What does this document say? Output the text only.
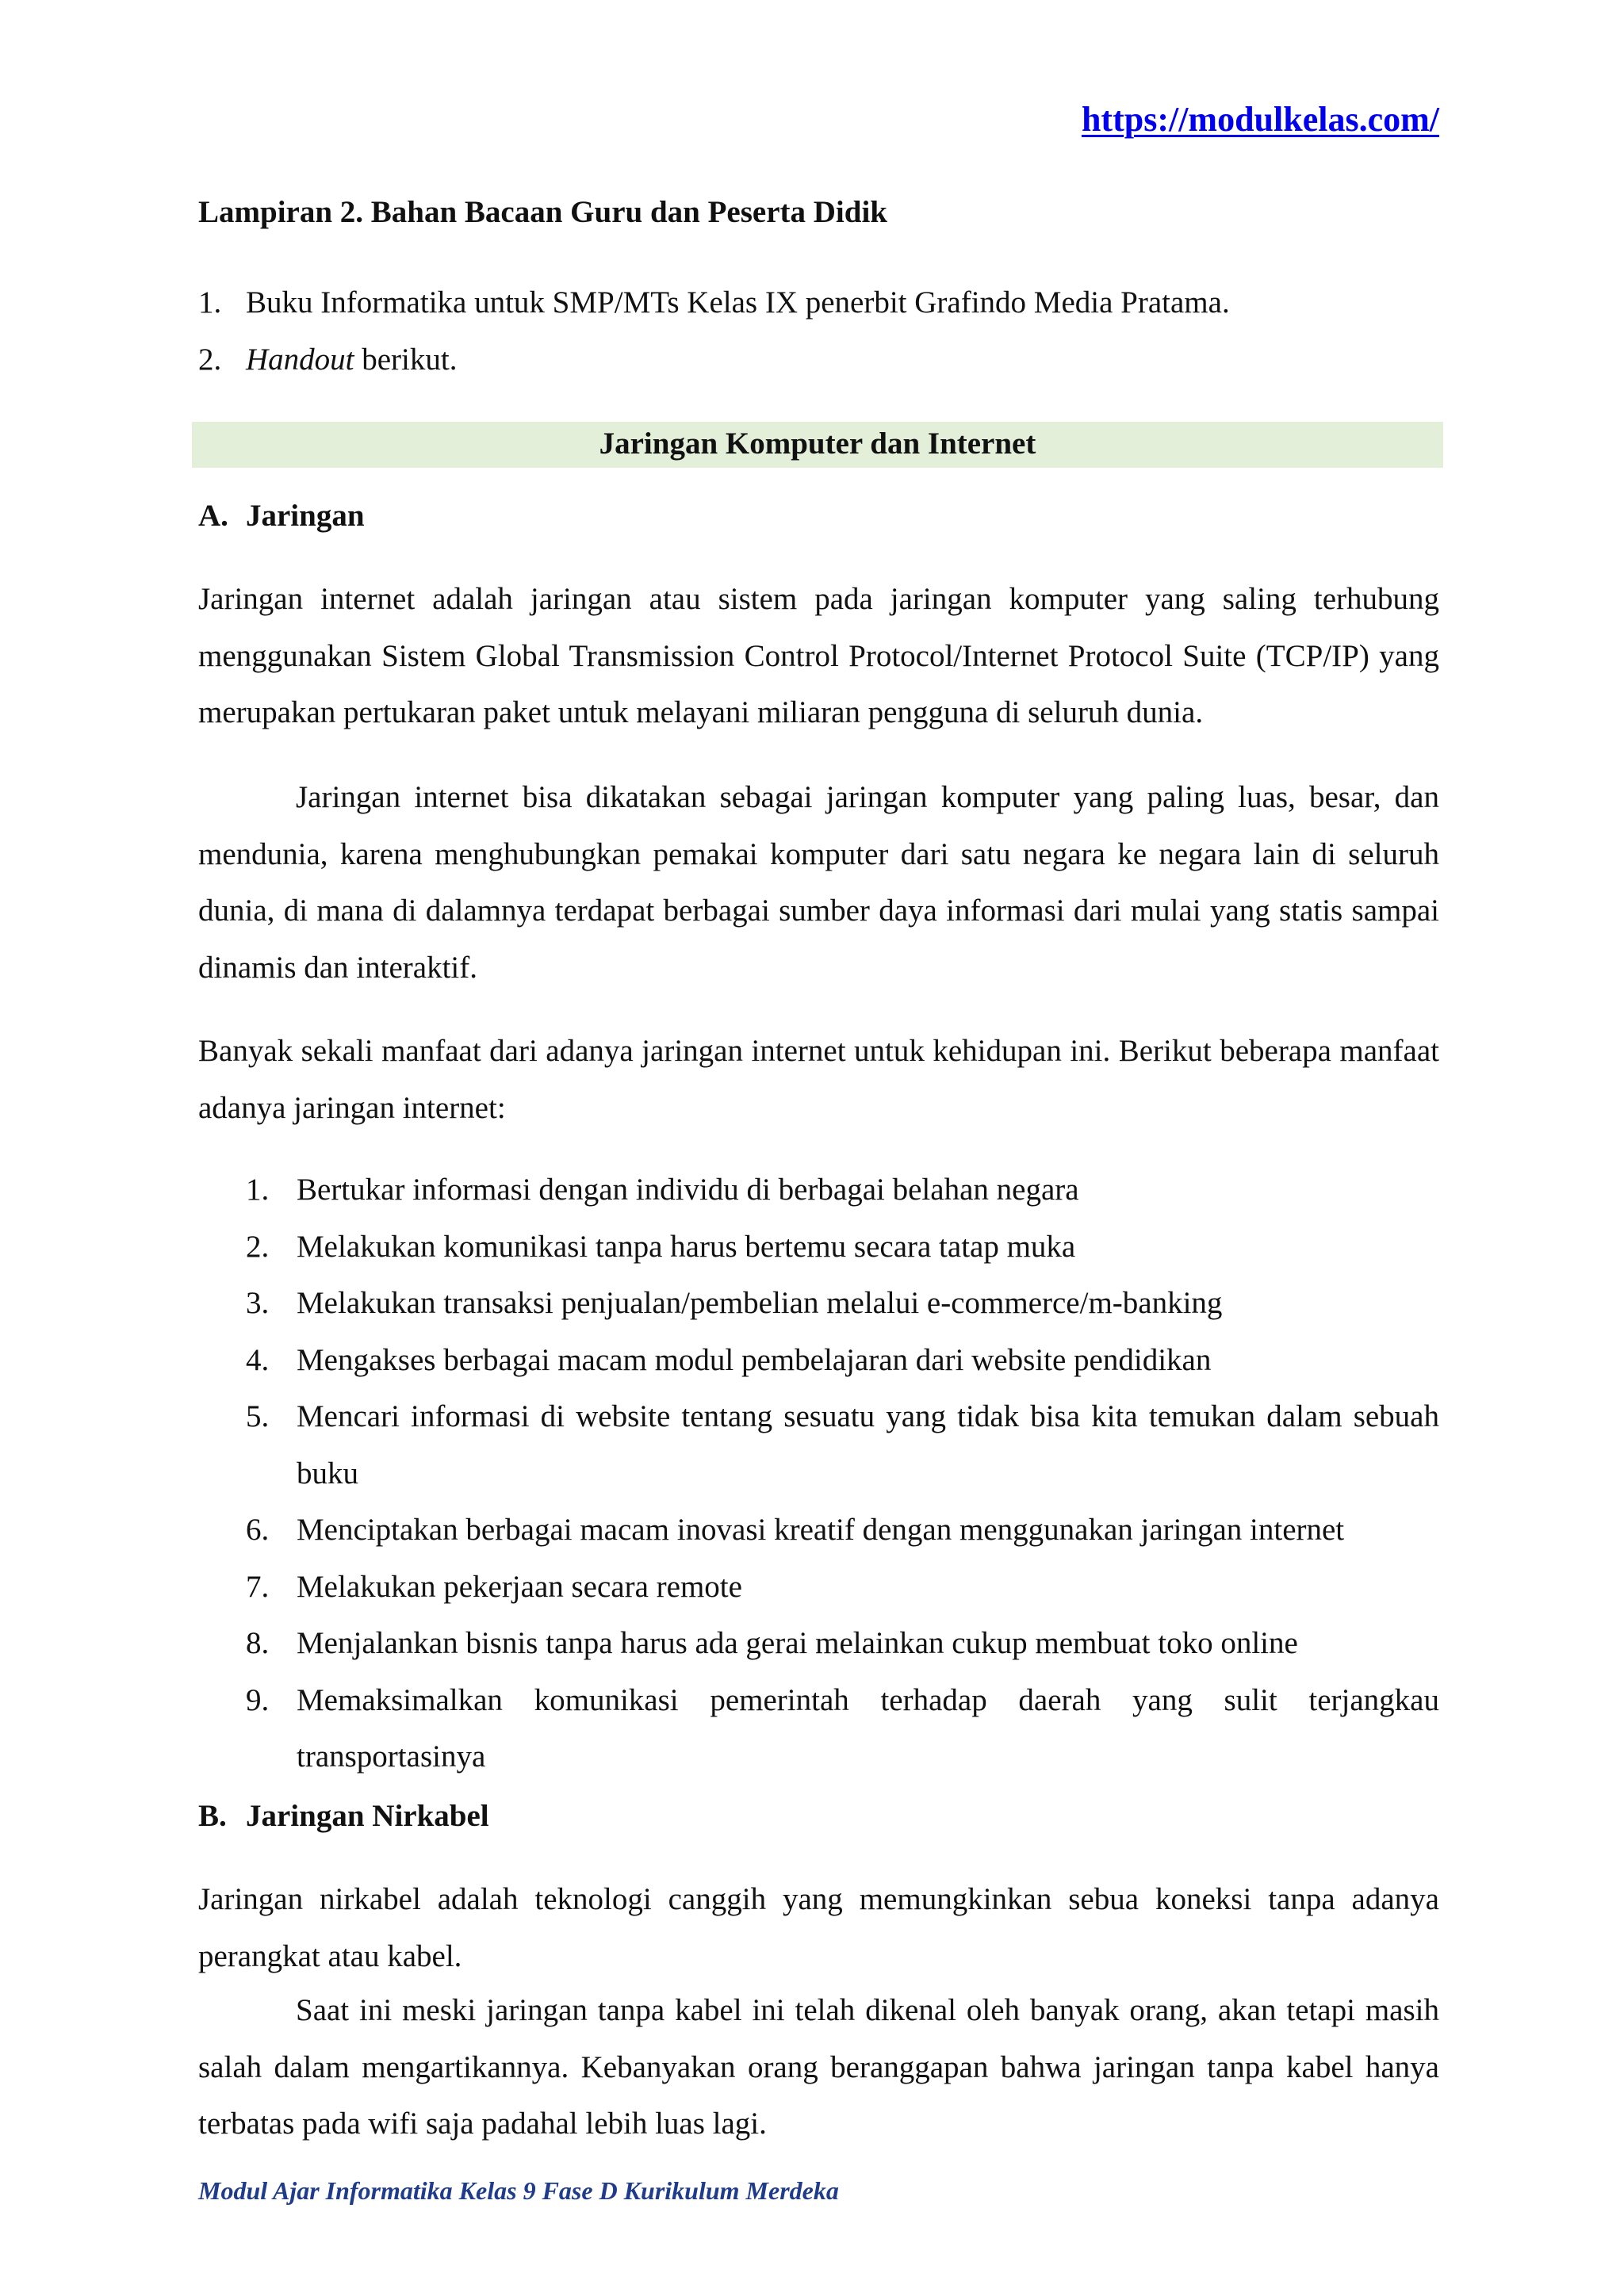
https://modulkelas.com/
Lampiran 2. Bahan Bacaan Guru dan Peserta Didik
1. Buku Informatika untuk SMP/MTs Kelas IX penerbit Grafindo Media Pratama.
2. Handout berikut.
Jaringan Komputer dan Internet
A. Jaringan

Jaringan internet adalah jaringan atau sistem pada jaringan komputer yang saling terhubung menggunakan Sistem Global Transmission Control Protocol/Internet Protocol Suite (TCP/IP) yang merupakan pertukaran paket untuk melayani miliaran pengguna di seluruh dunia.

Jaringan internet bisa dikatakan sebagai jaringan komputer yang paling luas, besar, dan mendunia, karena menghubungkan pemakai komputer dari satu negara ke negara lain di seluruh dunia, di mana di dalamnya terdapat berbagai sumber daya informasi dari mulai yang statis sampai dinamis dan interaktif.

Banyak sekali manfaat dari adanya jaringan internet untuk kehidupan ini. Berikut beberapa manfaat adanya jaringan internet:

1. Bertukar informasi dengan individu di berbagai belahan negara
2. Melakukan komunikasi tanpa harus bertemu secara tatap muka
3. Melakukan transaksi penjualan/pembelian melalui e-commerce/m-banking
4. Mengakses berbagai macam modul pembelajaran dari website pendidikan
5. Mencari informasi di website tentang sesuatu yang tidak bisa kita temukan dalam sebuah buku
6. Menciptakan berbagai macam inovasi kreatif dengan menggunakan jaringan internet
7. Melakukan pekerjaan secara remote
8. Menjalankan bisnis tanpa harus ada gerai melainkan cukup membuat toko online
9. Memaksimalkan komunikasi pemerintah terhadap daerah yang sulit terjangkau transportasinya
B. Jaringan Nirkabel

Jaringan nirkabel adalah teknologi canggih yang memungkinkan sebua koneksi tanpa adanya perangkat atau kabel.

Saat ini meski jaringan tanpa kabel ini telah dikenal oleh banyak orang, akan tetapi masih salah dalam mengartikannya. Kebanyakan orang beranggapan bahwa jaringan tanpa kabel hanya terbatas pada wifi saja padahal lebih luas lagi.

Modul Ajar Informatika Kelas 9 Fase D Kurikulum Merdeka
